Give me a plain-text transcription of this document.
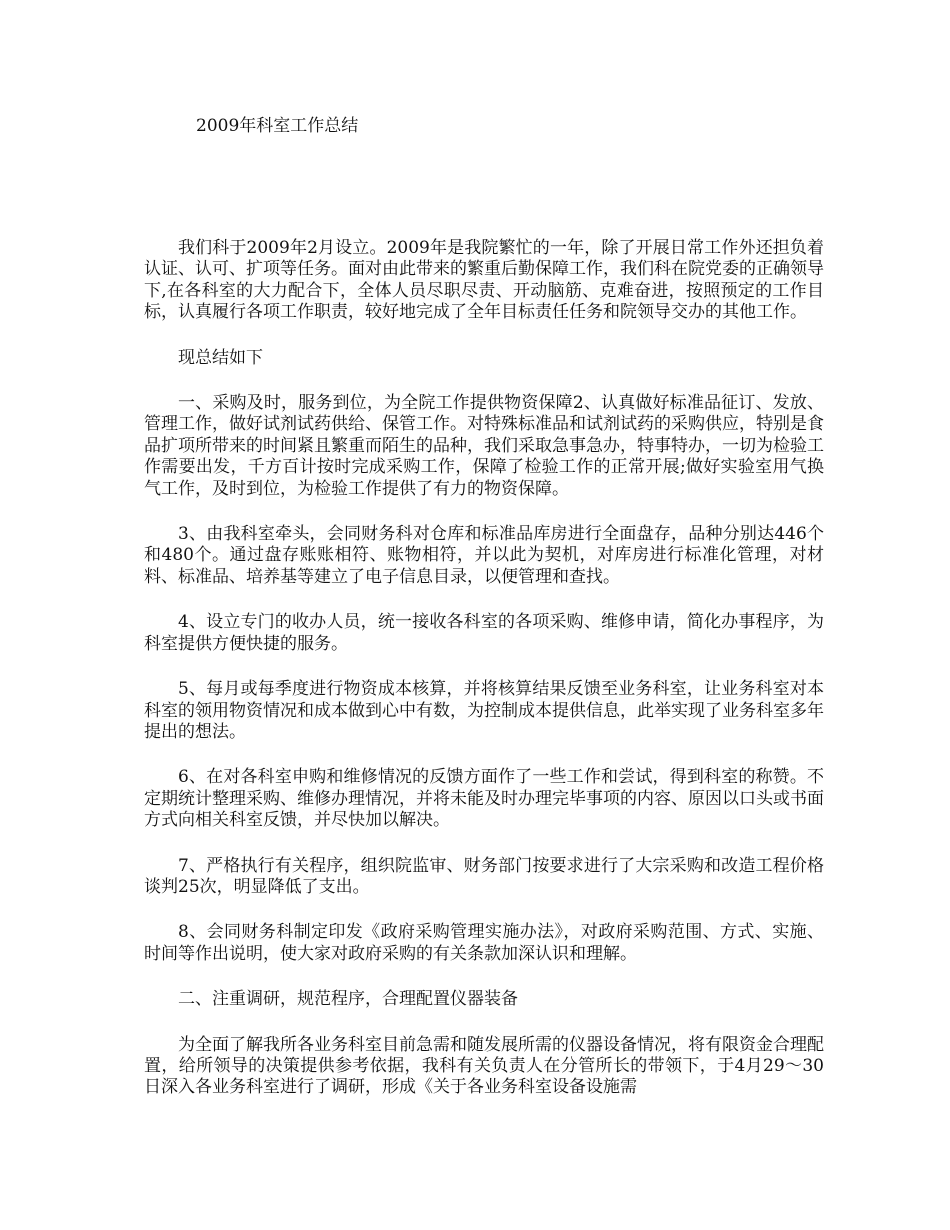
2009年科室工作总结

我们科于2009年2月设立。2009年是我院繁忙的一年，除了开展日常工作外还担负着认证、认可、扩项等任务。面对由此带来的繁重后勤保障工作，我们科在院党委的正确领导下,在各科室的大力配合下，全体人员尽职尽责、开动脑筋、克难奋进，按照预定的工作目标，认真履行各项工作职责，较好地完成了全年目标责任任务和院领导交办的其他工作。

现总结如下

一、采购及时，服务到位，为全院工作提供物资保障2、认真做好标准品征订、发放、管理工作，做好试剂试药供给、保管工作。对特殊标准品和试剂试药的采购供应，特别是食品扩项所带来的时间紧且繁重而陌生的品种，我们采取急事急办，特事特办，一切为检验工作需要出发，千方百计按时完成采购工作，保障了检验工作的正常开展;做好实验室用气换气工作，及时到位，为检验工作提供了有力的物资保障。

3、由我科室牵头，会同财务科对仓库和标准品库房进行全面盘存，品种分别达446个和480个。通过盘存账账相符、账物相符，并以此为契机，对库房进行标准化管理，对材料、标准品、培养基等建立了电子信息目录，以便管理和查找。

4、设立专门的收办人员，统一接收各科室的各项采购、维修申请，简化办事程序，为科室提供方便快捷的服务。

5、每月或每季度进行物资成本核算，并将核算结果反馈至业务科室，让业务科室对本科室的领用物资情况和成本做到心中有数，为控制成本提供信息，此举实现了业务科室多年提出的想法。

6、在对各科室申购和维修情况的反馈方面作了一些工作和尝试，得到科室的称赞。不定期统计整理采购、维修办理情况，并将未能及时办理完毕事项的内容、原因以口头或书面方式向相关科室反馈，并尽快加以解决。

7、严格执行有关程序，组织院监审、财务部门按要求进行了大宗采购和改造工程价格谈判25次，明显降低了支出。

8、会同财务科制定印发《政府采购管理实施办法》，对政府采购范围、方式、实施、时间等作出说明，使大家对政府采购的有关条款加深认识和理解。

二、注重调研，规范程序，合理配置仪器装备

为全面了解我所各业务科室目前急需和随发展所需的仪器设备情况，将有限资金合理配置，给所领导的决策提供参考依据，我科有关负责人在分管所长的带领下，于4月29～30日深入各业务科室进行了调研，形成《关于各业务科室设备设施需
